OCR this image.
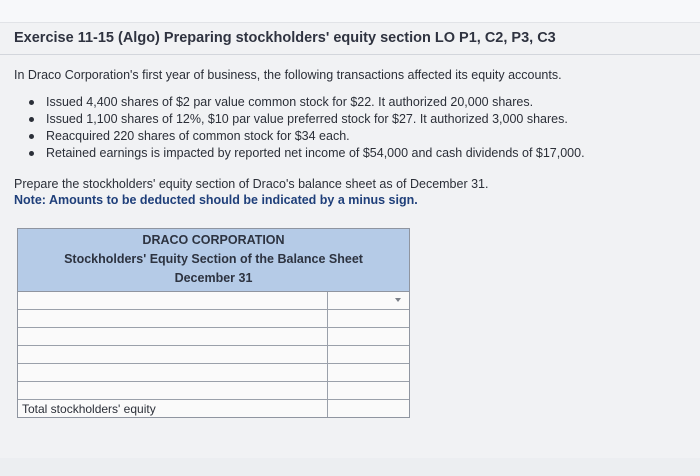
Exercise 11-15 (Algo) Preparing stockholders' equity section LO P1, C2, P3, C3
In Draco Corporation's first year of business, the following transactions affected its equity accounts.
Issued 4,400 shares of $2 par value common stock for $22. It authorized 20,000 shares.
Issued 1,100 shares of 12%, $10 par value preferred stock for $27. It authorized 3,000 shares.
Reacquired 220 shares of common stock for $34 each.
Retained earnings is impacted by reported net income of $54,000 and cash dividends of $17,000.
Prepare the stockholders' equity section of Draco's balance sheet as of December 31.
Note: Amounts to be deducted should be indicated by a minus sign.
DRACO CORPORATION
Stockholders' Equity Section of the Balance Sheet
December 31
Total stockholders' equity
